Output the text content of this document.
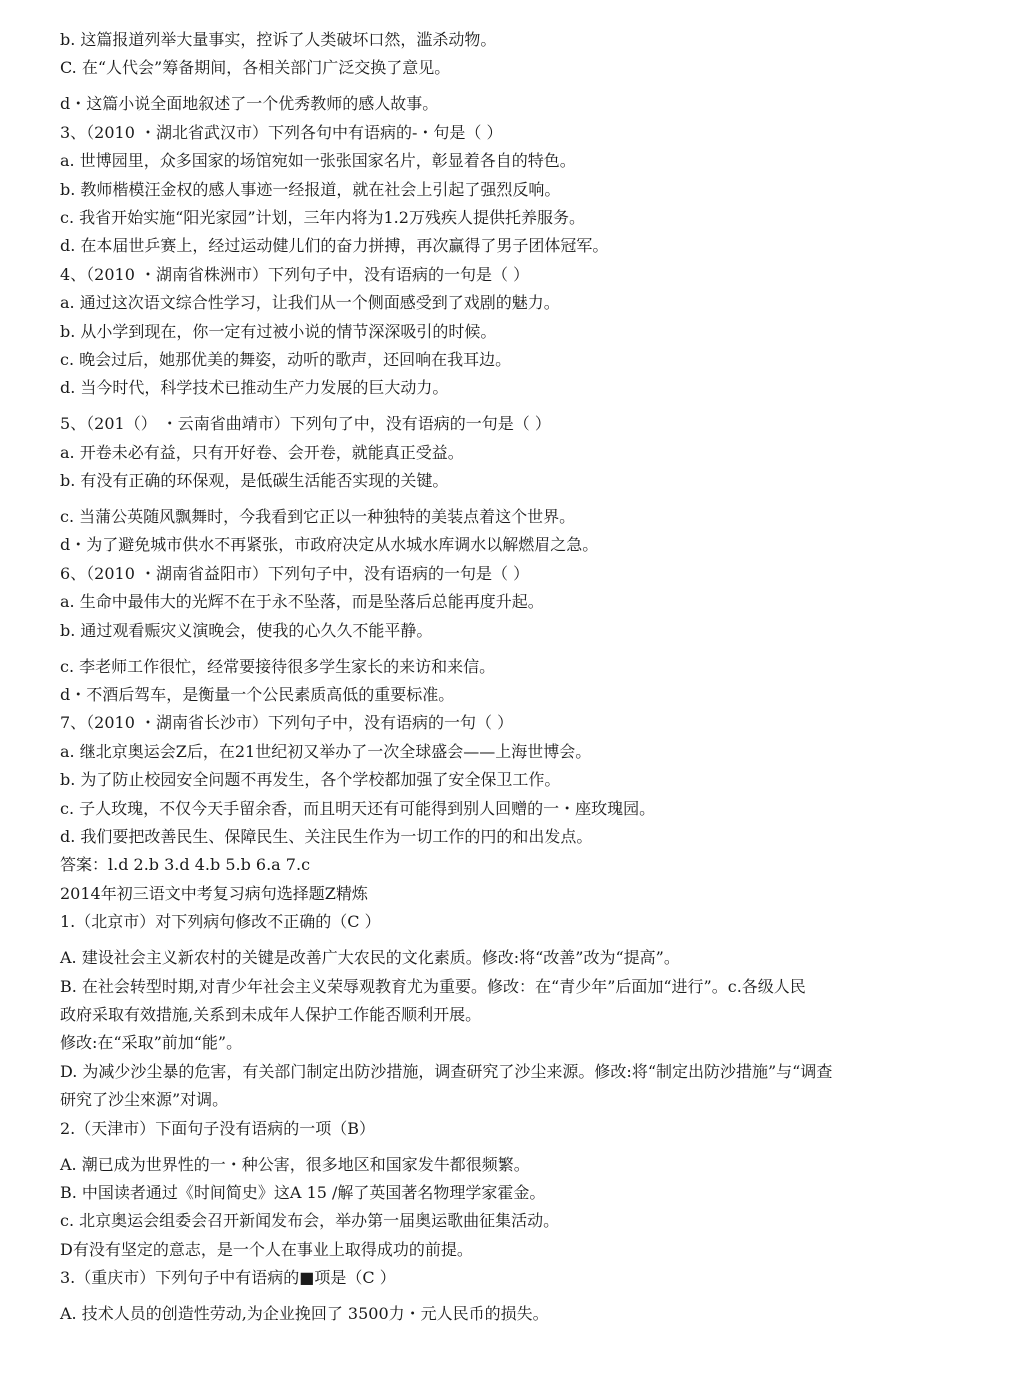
b. 这篇报道列举大量事实，控诉了人类破坏口然，滥杀动物。
C. 在“人代会”筹备期间，各相关部门广泛交换了意见。
d・这篇小说全面地叙述了一个优秀教师的感人故事。
3、（2010 ・湖北省武汉市）下列各句中有语病的-・句是（ ）
a. 世博园里，众多国家的场馆宛如一张张国家名片，彰显着各自的特色。
b. 教师楷模汪金权的感人事迹一经报道，就在社会上引起了强烈反响。
c. 我省开始实施“阳光家园”计划，三年内将为1.2万残疾人提供托养服务。
d. 在本届世乒赛上，经过运动健儿们的奋力拼搏，再次赢得了男子团体冠军。
4、（2010 ・湖南省株洲市）下列句子中，没有语病的一句是（ ）
a. 通过这次语文综合性学习，让我们从一个侧面感受到了戏剧的魅力。
b. 从小学到现在，你一定有过被小说的情节深深吸引的时候。
c. 晚会过后，她那优美的舞姿，动听的歌声，还回响在我耳边。
d. 当今时代，科学技术已推动生产力发展的巨大动力。
5、（201（） ・云南省曲靖市）下列句了中，没有语病的一句是（ ）
a. 开卷未必有益，只有开好卷、会开卷，就能真正受益。
b. 有没有正确的环保观，是低碳生活能否实现的关键。
c. 当蒲公英随风飘舞时，今我看到它正以一种独特的美装点着这个世界。
d・为了避免城市供水不再紧张，市政府决定从水城水库调水以解燃眉之急。
6、（2010 ・湖南省益阳市）下列句子中，没有语病的一句是（ ）
a. 生命中最伟大的光辉不在于永不坠落，而是坠落后总能再度升起。
b. 通过观看赈灾义演晚会，使我的心久久不能平静。
c. 李老师工作很忙，经常要接待很多学生家长的来访和来信。
d・不酒后驾车，是衡量一个公民素质高低的重要标准。
7、（2010 ・湖南省长沙市）下列句子中，没有语病的一句（ ）
a. 继北京奥运会Z后，在21世纪初又举办了一次全球盛会——上海世博会。
b. 为了防止校园安全问题不再发生，各个学校都加强了安全保卫工作。
c. 子人玫瑰，不仅今天手留余香，而且明天还有可能得到别人回赠的一・座玫瑰园。
d. 我们要把改善民生、保障民生、关注民生作为一切工作的円的和出发点。
答案：l.d 2.b 3.d 4.b 5.b 6.a 7.c
2014年初三语文中考复习病句选择题Z精炼
1.（北京市）对下列病句修改不正确的（C ）
A. 建设社会主义新农村的关键是改善广大农民的文化素质。修改:将“改善”改为“提高”。
B. 在社会转型时期,对青少年社会主义荣辱观教育尤为重要。修改：在“青少年”后面加“进行”。c.各级人民
政府采取有效措施,关系到未成年人保护工作能否顺利开展。
修改:在“采取”前加“能”。
D. 为减少沙尘暴的危害，有关部门制定出防沙措施，调查研究了沙尘来源。修改:将“制定出防沙措施”与“调查
研究了沙尘來源”对调。
2.（天津市）下面句子没有语病的一项（B）
A. 潮已成为世界性的一・种公害，很多地区和国家发牛都很频繁。
B. 中国读者通过《时间简史》这A 15 /解了英国著名物理学家霍金。
c. 北京奥运会组委会召开新闻发布会，举办第一届奥运歌曲征集活动。
D有没有坚定的意志，是一个人在事业上取得成功的前提。
3.（重庆市）下列句子中有语病的■项是（C ）
A. 技术人员的创造性劳动,为企业挽回了 3500力・元人民币的损失。
